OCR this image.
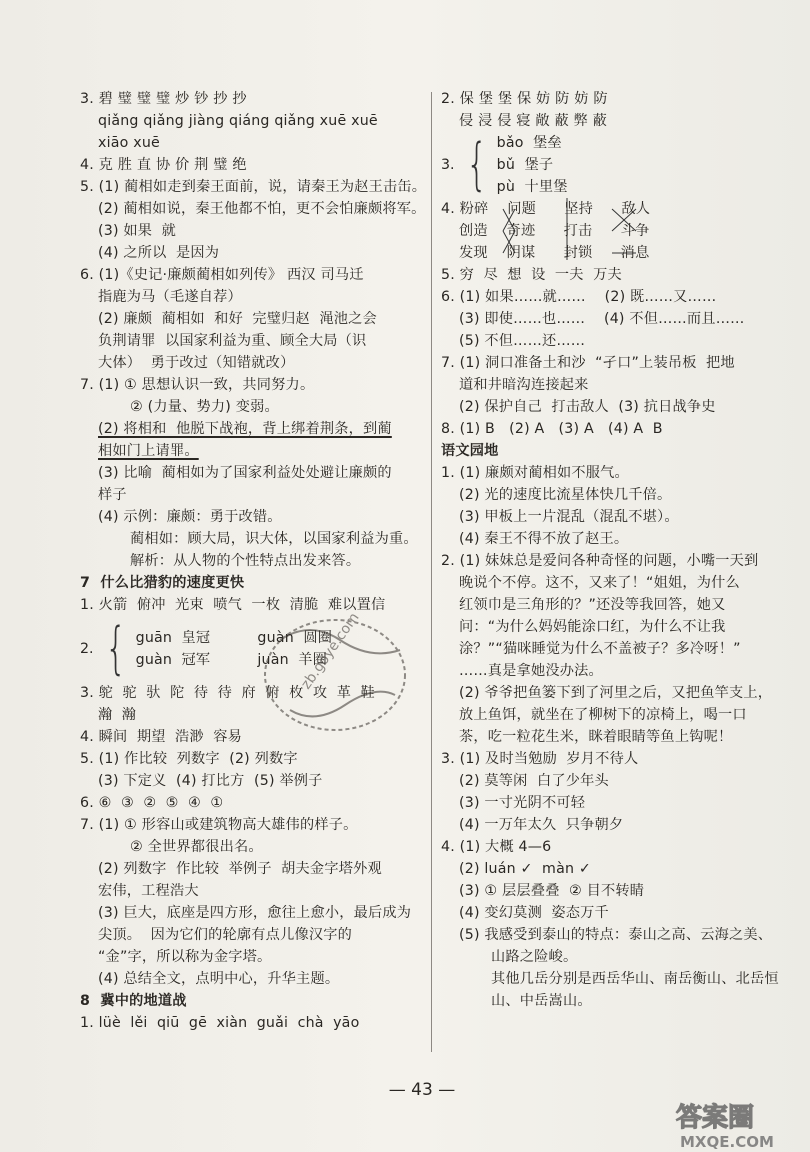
3. 碧 璧 璧 璧 炒 钞 抄 抄
qiǎng qiǎng jiàng qiáng qiǎng xuē xuē
xiāo xuē
4. 克 胜 直 协 价 荆 璧 绝
5. (1) 蔺相如走到秦王面前，说，请秦王为赵王击缶。
(2) 蔺相如说，秦王他都不怕，更不会怕廉颇将军。
(3) 如果  就
(4) 之所以  是因为
6. (1)《史记·廉颇蔺相如列传》 西汉 司马迁
指鹿为马（毛遂自荐）
(2) 廉颇  蔺相如  和好  完璧归赵  渑池之会
负荆请罪  以国家利益为重、顾全大局（识
大体）  勇于改过（知错就改）
7. (1) ① 思想认识一致，共同努力。
② (力量、势力) 变弱。
(2) 将相和  他脱下战袍，背上绑着荆条，到蔺
相如门上请罪。
(3) 比喻  蔺相如为了国家利益处处避让廉颇的
样子
(4) 示例：廉颇：勇于改错。
蔺相如：顾大局，识大体，以国家利益为重。
解析：从人物的个性特点出发来答。
7  什么比猎豹的速度更快
1. 火箭  俯冲  光束  喷气  一枚  清脆  难以置信
2. { guān  皇冠          guàn  圆圈
guàn  冠军          juàn  羊圈
3. 鸵  驼  驮  陀  待  待  府  俯  枚  攻  革  鞋
瀚  瀚
4. 瞬间  期望  浩渺  容易
5. (1) 作比较  列数字  (2) 列数字
(3) 下定义  (4) 打比方  (5) 举例子
6. ⑥  ③  ②  ⑤  ④  ①
7. (1) ① 形容山或建筑物高大雄伟的样子。
② 全世界都很出名。
(2) 列数字  作比较  举例子  胡夫金字塔外观
宏伟，工程浩大
(3) 巨大，底座是四方形，愈往上愈小，最后成为
尖顶。  因为它们的轮廓有点儿像汉字的
“金”字，所以称为金字塔。
(4) 总结全文，点明中心，升华主题。
8  冀中的地道战
1. lüè  lěi  qiū  gē  xiàn  guǎi  chà  yāo
2. 保 堡 堡 保 妨 防 妨 防
侵 浸 侵 寝 敞 蔽 弊 蔽
3. { bǎo  堡垒
bǔ  堡子
pù  十里堡
4. 粉碎    问题      坚持      敌人
创造    奇迹      打击      斗争
发现    阴谋      封锁      消息
5. 穷  尽  想  设  一夫  万夫
6. (1) 如果……就……    (2) 既……又……
(3) 即使……也……    (4) 不但……而且……
(5) 不但……还……
7. (1) 洞口准备土和沙  “孑口”上装吊板  把地
道和井暗沟连接起来
(2) 保护自己  打击敌人  (3) 抗日战争史
8. (1) B   (2) A   (3) A   (4) A  B
语文园地
1. (1) 廉颇对蔺相如不服气。
(2) 光的速度比流星体快几千倍。
(3) 甲板上一片混乱（混乱不堪）。
(4) 秦王不得不放了赵王。
2. (1) 妹妹总是爱问各种奇怪的问题，小嘴一天到
晚说个不停。这不，又来了！“姐姐，为什么
红领巾是三角形的？”还没等我回答，她又
问：“为什么妈妈能涂口红，为什么不让我
涂？”“猫咪睡觉为什么不盖被子？多冷呀！”
……真是拿她没办法。
(2) 爷爷把鱼篓下到了河里之后，又把鱼竿支上，
放上鱼饵，就坐在了柳树下的凉椅上，喝一口
茶，吃一粒花生米，眯着眼睛等鱼上钩呢！
3. (1) 及时当勉励  岁月不待人
(2) 莫等闲  白了少年头
(3) 一寸光阴不可轻
(4) 一万年太久  只争朝夕
4. (1) 大概 4—6
(2) luán ✓  màn ✓
(3) ① 层层叠叠  ② 目不转睛
(4) 变幻莫测  姿态万千
(5) 我感受到泰山的特点：泰山之高、云海之美、
山路之险峻。
其他几岳分别是西岳华山、南岳衡山、北岳恒
山、中岳嵩山。
zb.goye.com
— 43 —
答案圈
MXQE.COM
